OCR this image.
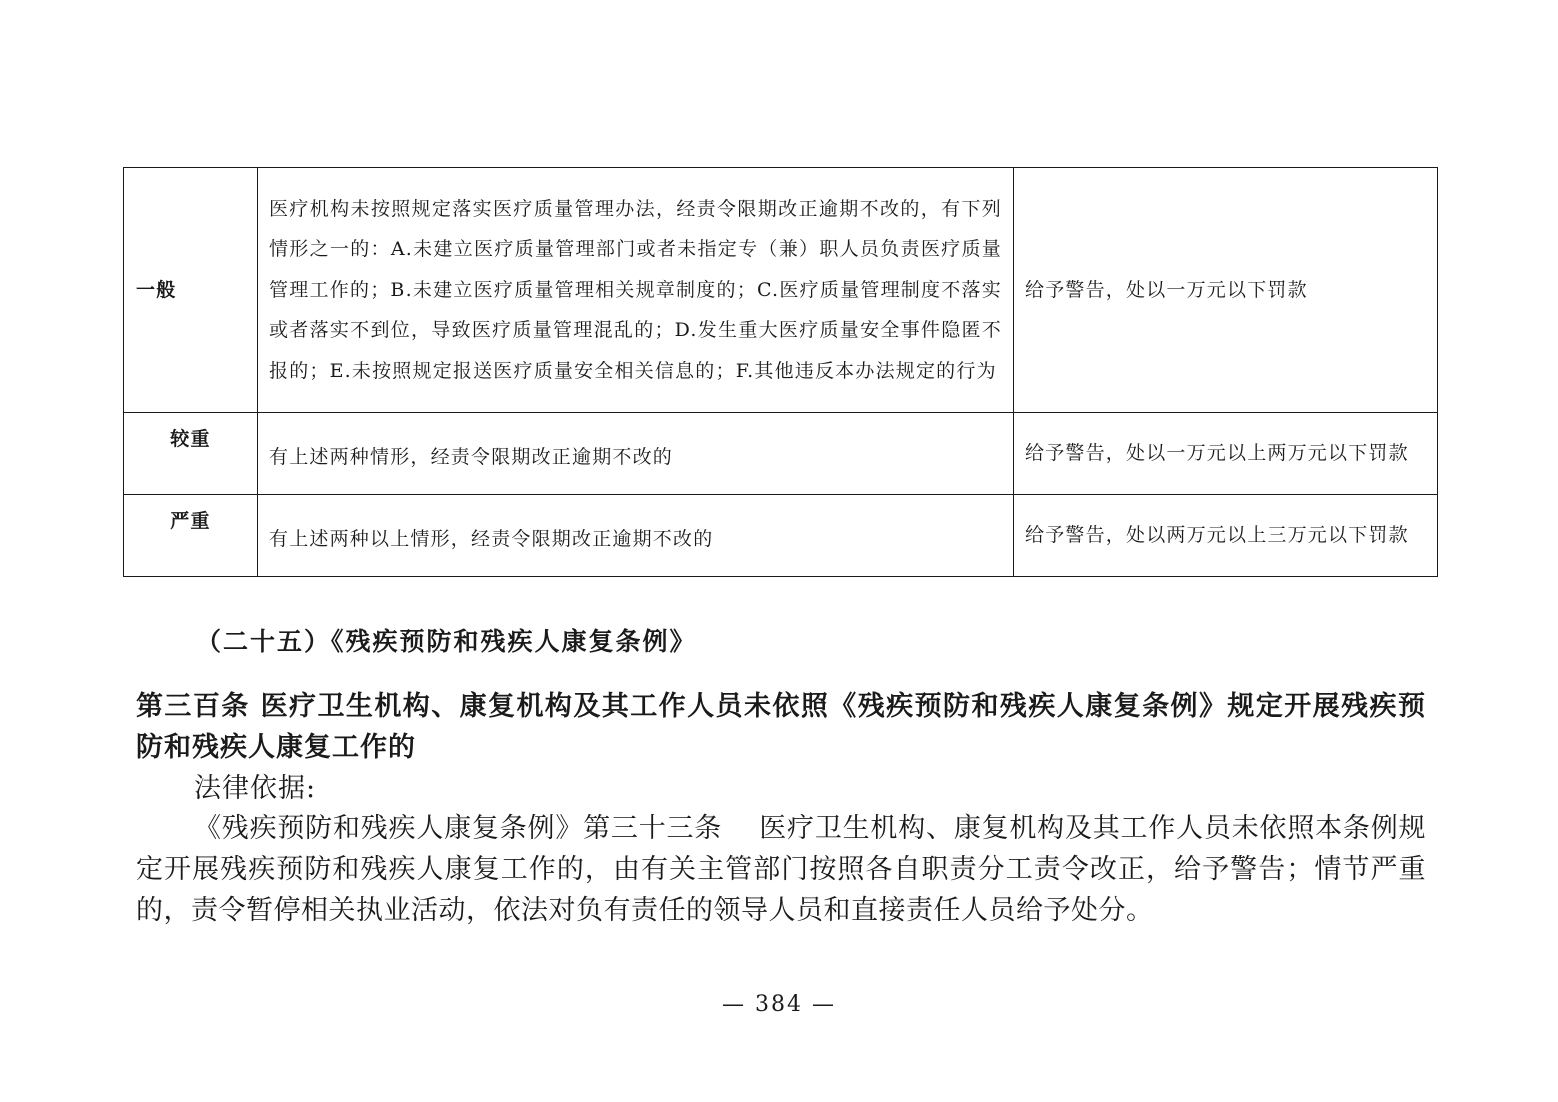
一般	医疗机构未按照规定落实医疗质量管理办法，经责令限期改正逾期不改的，有下列情形之一的：A.未建立医疗质量管理部门或者未指定专（兼）职人员负责医疗质量管理工作的；B.未建立医疗质量管理相关规章制度的；C.医疗质量管理制度不落实或者落实不到位，导致医疗质量管理混乱的；D.发生重大医疗质量安全事件隐匿不报的；E.未按照规定报送医疗质量安全相关信息的；F.其他违反本办法规定的行为	给予警告，处以一万元以下罚款
较重	有上述两种情形，经责令限期改正逾期不改的	给予警告，处以一万元以上两万元以下罚款
严重	有上述两种以上情形，经责令限期改正逾期不改的	给予警告，处以两万元以上三万元以下罚款
（二十五）《残疾预防和残疾人康复条例》
第三百条 医疗卫生机构、康复机构及其工作人员未依照《残疾预防和残疾人康复条例》规定开展残疾预防和残疾人康复工作的
法律依据:
《残疾预防和残疾人康复条例》第三十三条　 医疗卫生机构、康复机构及其工作人员未依照本条例规定开展残疾预防和残疾人康复工作的，由有关主管部门按照各自职责分工责令改正，给予警告；情节严重的，责令暂停相关执业活动，依法对负有责任的领导人员和直接责任人员给予处分。
— 384 —
